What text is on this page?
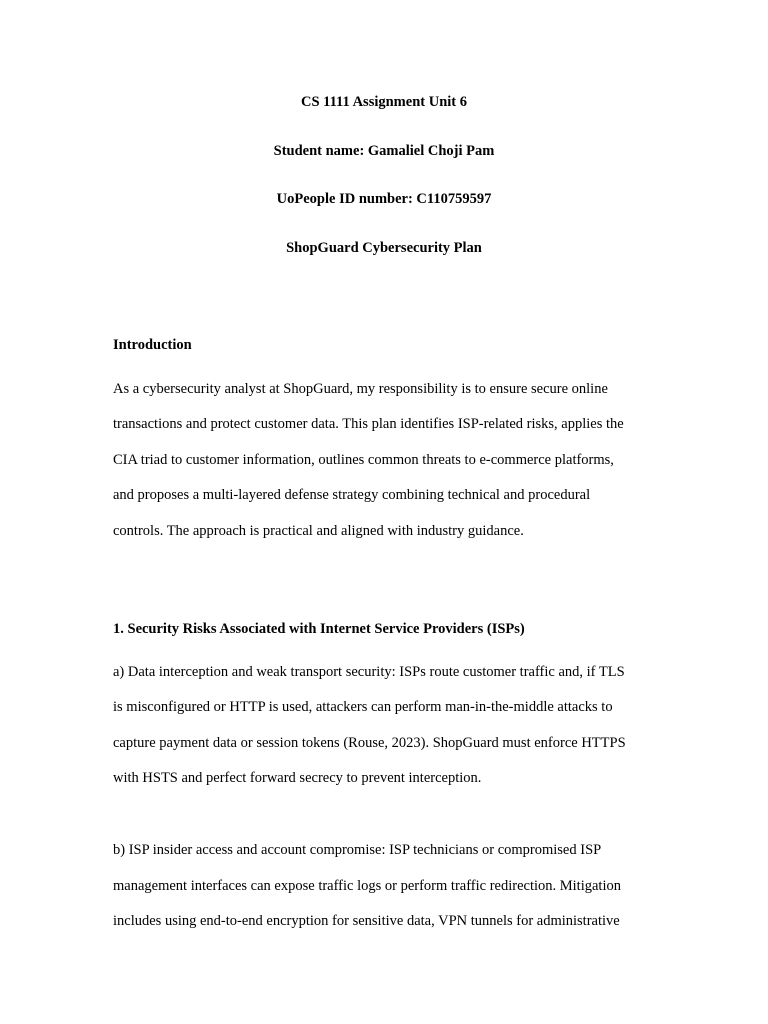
CS 1111 Assignment Unit 6
Student name: Gamaliel Choji Pam
UoPeople ID number: C110759597
ShopGuard Cybersecurity Plan
Introduction
As a cybersecurity analyst at ShopGuard, my responsibility is to ensure secure online
transactions and protect customer data. This plan identifies ISP-related risks, applies the
CIA triad to customer information, outlines common threats to e-commerce platforms,
and proposes a multi-layered defense strategy combining technical and procedural
controls. The approach is practical and aligned with industry guidance.
1. Security Risks Associated with Internet Service Providers (ISPs)
a) Data interception and weak transport security: ISPs route customer traffic and, if TLS
is misconfigured or HTTP is used, attackers can perform man-in-the-middle attacks to
capture payment data or session tokens (Rouse, 2023). ShopGuard must enforce HTTPS
with HSTS and perfect forward secrecy to prevent interception.
b) ISP insider access and account compromise: ISP technicians or compromised ISP
management interfaces can expose traffic logs or perform traffic redirection. Mitigation
includes using end-to-end encryption for sensitive data, VPN tunnels for administrative
